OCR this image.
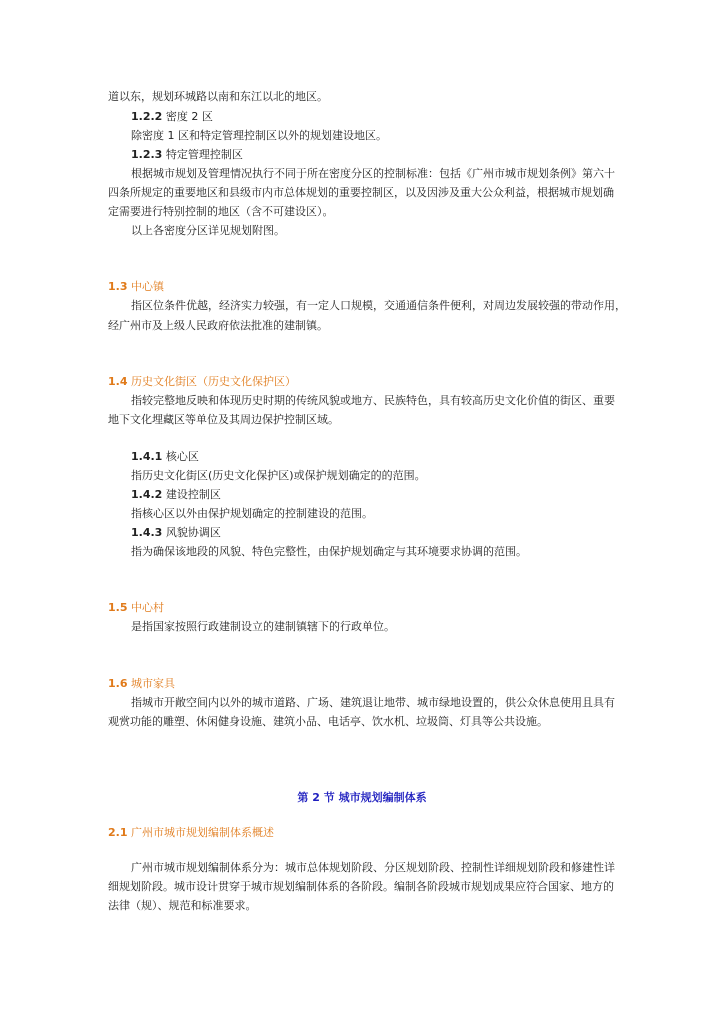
道以东，规划环城路以南和东江以北的地区。
1.2.2 密度 2 区
除密度 1 区和特定管理控制区以外的规划建设地区。
1.2.3 特定管理控制区
根据城市规划及管理情况执行不同于所在密度分区的控制标准：包括《广州市城市规划条例》第六十
四条所规定的重要地区和县级市内市总体规划的重要控制区，以及因涉及重大公众利益，根据城市规划确
定需要进行特别控制的地区（含不可建设区）。
以上各密度分区详见规划附图。
1.3 中心镇
指区位条件优越，经济实力较强，有一定人口规模，交通通信条件便利，对周边发展较强的带动作用，
经广州市及上级人民政府依法批准的建制镇。
1.4 历史文化街区（历史文化保护区）
指较完整地反映和体现历史时期的传统风貌或地方、民族特色，具有较高历史文化价值的街区、重要
地下文化埋藏区等单位及其周边保护控制区域。
1.4.1 核心区
指历史文化街区(历史文化保护区)或保护规划确定的的范围。
1.4.2 建设控制区
指核心区以外由保护规划确定的控制建设的范围。
1.4.3 风貌协调区
指为确保该地段的风貌、特色完整性，由保护规划确定与其环境要求协调的范围。
1.5 中心村
是指国家按照行政建制设立的建制镇辖下的行政单位。
1.6 城市家具
指城市开敞空间内以外的城市道路、广场、建筑退让地带、城市绿地设置的，供公众休息使用且具有
观赏功能的雕塑、休闲健身设施、建筑小品、电话亭、饮水机、垃圾筒、灯具等公共设施。
第 2 节 城市规划编制体系
2.1 广州市城市规划编制体系概述
广州市城市规划编制体系分为：城市总体规划阶段、分区规划阶段、控制性详细规划阶段和修建性详
细规划阶段。城市设计贯穿于城市规划编制体系的各阶段。编制各阶段城市规划成果应符合国家、地方的
法律（规）、规范和标准要求。
